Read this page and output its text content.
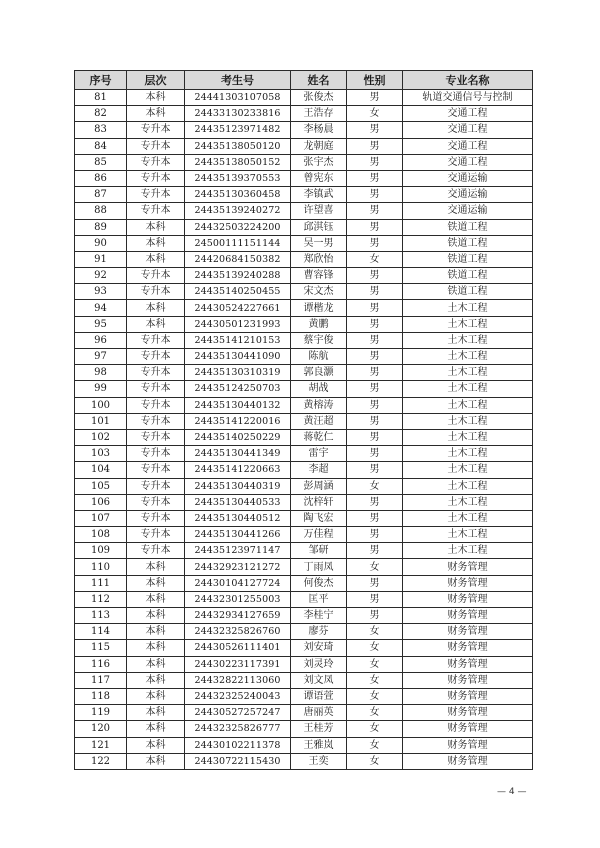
序号	层次	考生号	姓名	性别	专业名称
81	本科	24441303107058	张俊杰	男	轨道交通信号与控制
82	本科	24433130233816	王浩存	女	交通工程
83	专升本	24435123971482	李杨晨	男	交通工程
84	专升本	24435138050120	龙朝庭	男	交通工程
85	专升本	24435138050152	张宇杰	男	交通工程
86	专升本	24435139370553	曾宪东	男	交通运输
87	专升本	24435130360458	李镇武	男	交通运输
88	专升本	24435139240272	许望喜	男	交通运输
89	本科	24432503224200	邱淇钰	男	铁道工程
90	本科	24500111151144	吴一男	男	铁道工程
91	本科	24420684150382	郑欣怡	女	铁道工程
92	专升本	24435139240288	曹容锋	男	铁道工程
93	专升本	24435140250455	宋文杰	男	铁道工程
94	本科	24430524227661	谭楷龙	男	土木工程
95	本科	24430501231993	黄鹏	男	土木工程
96	专升本	24435141210153	蔡宇俊	男	土木工程
97	专升本	24435130441090	陈航	男	土木工程
98	专升本	24435130310319	郭良灏	男	土木工程
99	专升本	24435124250703	胡战	男	土木工程
100	专升本	24435130440132	黄榕涛	男	土木工程
101	专升本	24435141220016	黄汪超	男	土木工程
102	专升本	24435140250229	蒋乾仁	男	土木工程
103	专升本	24435130441349	雷宇	男	土木工程
104	专升本	24435141220663	李超	男	土木工程
105	专升本	24435130440319	彭周涵	女	土木工程
106	专升本	24435130440533	沈梓轩	男	土木工程
107	专升本	24435130440512	陶飞宏	男	土木工程
108	专升本	24435130441266	万佳程	男	土木工程
109	专升本	24435123971147	邹研	男	土木工程
110	本科	24432923121272	丁雨凤	女	财务管理
111	本科	24430104127724	何俊杰	男	财务管理
112	本科	24432301255003	匡平	男	财务管理
113	本科	24432934127659	李桂宁	男	财务管理
114	本科	24432325826760	廖芬	女	财务管理
115	本科	24430526111401	刘安琦	女	财务管理
116	本科	24430223117391	刘灵玲	女	财务管理
117	本科	24432822113060	刘文凤	女	财务管理
118	本科	24432325240043	谭语萱	女	财务管理
119	本科	24430527257247	唐丽英	女	财务管理
120	本科	24432325826777	王桂芳	女	财务管理
121	本科	24430102211378	王雅岚	女	财务管理
122	本科	24430722115430	王奕	女	财务管理
— 4 —
